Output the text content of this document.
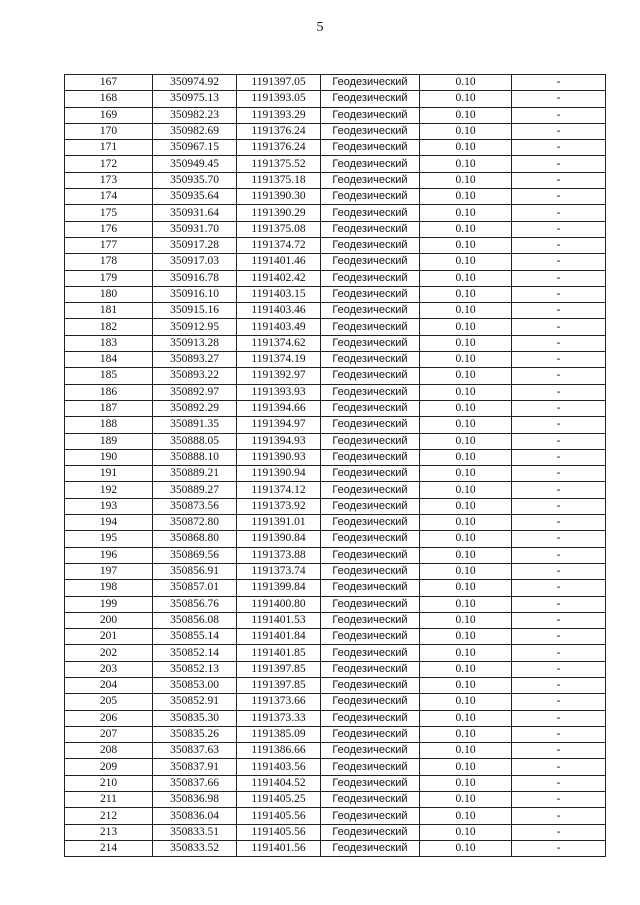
5
167	350974.92	1191397.05	Геодезический	0.10	-
168	350975.13	1191393.05	Геодезический	0.10	-
169	350982.23	1191393.29	Геодезический	0.10	-
170	350982.69	1191376.24	Геодезический	0.10	-
171	350967.15	1191376.24	Геодезический	0.10	-
172	350949.45	1191375.52	Геодезический	0.10	-
173	350935.70	1191375.18	Геодезический	0.10	-
174	350935.64	1191390.30	Геодезический	0.10	-
175	350931.64	1191390.29	Геодезический	0.10	-
176	350931.70	1191375.08	Геодезический	0.10	-
177	350917.28	1191374.72	Геодезический	0.10	-
178	350917.03	1191401.46	Геодезический	0.10	-
179	350916.78	1191402.42	Геодезический	0.10	-
180	350916.10	1191403.15	Геодезический	0.10	-
181	350915.16	1191403.46	Геодезический	0.10	-
182	350912.95	1191403.49	Геодезический	0.10	-
183	350913.28	1191374.62	Геодезический	0.10	-
184	350893.27	1191374.19	Геодезический	0.10	-
185	350893.22	1191392.97	Геодезический	0.10	-
186	350892.97	1191393.93	Геодезический	0.10	-
187	350892.29	1191394.66	Геодезический	0.10	-
188	350891.35	1191394.97	Геодезический	0.10	-
189	350888.05	1191394.93	Геодезический	0.10	-
190	350888.10	1191390.93	Геодезический	0.10	-
191	350889.21	1191390.94	Геодезический	0.10	-
192	350889.27	1191374.12	Геодезический	0.10	-
193	350873.56	1191373.92	Геодезический	0.10	-
194	350872.80	1191391.01	Геодезический	0.10	-
195	350868.80	1191390.84	Геодезический	0.10	-
196	350869.56	1191373.88	Геодезический	0.10	-
197	350856.91	1191373.74	Геодезический	0.10	-
198	350857.01	1191399.84	Геодезический	0.10	-
199	350856.76	1191400.80	Геодезический	0.10	-
200	350856.08	1191401.53	Геодезический	0.10	-
201	350855.14	1191401.84	Геодезический	0.10	-
202	350852.14	1191401.85	Геодезический	0.10	-
203	350852.13	1191397.85	Геодезический	0.10	-
204	350853.00	1191397.85	Геодезический	0.10	-
205	350852.91	1191373.66	Геодезический	0.10	-
206	350835.30	1191373.33	Геодезический	0.10	-
207	350835.26	1191385.09	Геодезический	0.10	-
208	350837.63	1191386.66	Геодезический	0.10	-
209	350837.91	1191403.56	Геодезический	0.10	-
210	350837.66	1191404.52	Геодезический	0.10	-
211	350836.98	1191405.25	Геодезический	0.10	-
212	350836.04	1191405.56	Геодезический	0.10	-
213	350833.51	1191405.56	Геодезический	0.10	-
214	350833.52	1191401.56	Геодезический	0.10	-
